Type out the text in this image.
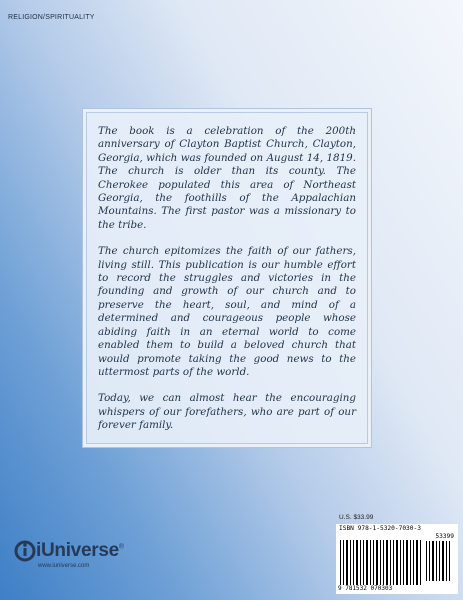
RELIGION/SPIRITUALITY

The book is a celebration of the 200th anniversary of Clayton Baptist Church, Clayton, Georgia, which was founded on August 14, 1819. The church is older than its county. The Cherokee populated this area of Northeast Georgia, the foothills of the Appalachian Mountains. The first pastor was a missionary to the tribe.

The church epitomizes the faith of our fathers, living still. This publication is our humble effort to record the struggles and victories in the founding and growth of our church and to preserve the heart, soul, and mind of a determined and courageous people whose abiding faith in an eternal world to come enabled them to build a beloved church that would promote taking the good news to the uttermost parts of the world.

Today, we can almost hear the encouraging whispers of our forefathers, who are part of our forever family.

U.S. $33.99
ISBN 978-1-5320-7030-3
53399
9 781532 070303
iUniverse®
www.iuniverse.com
